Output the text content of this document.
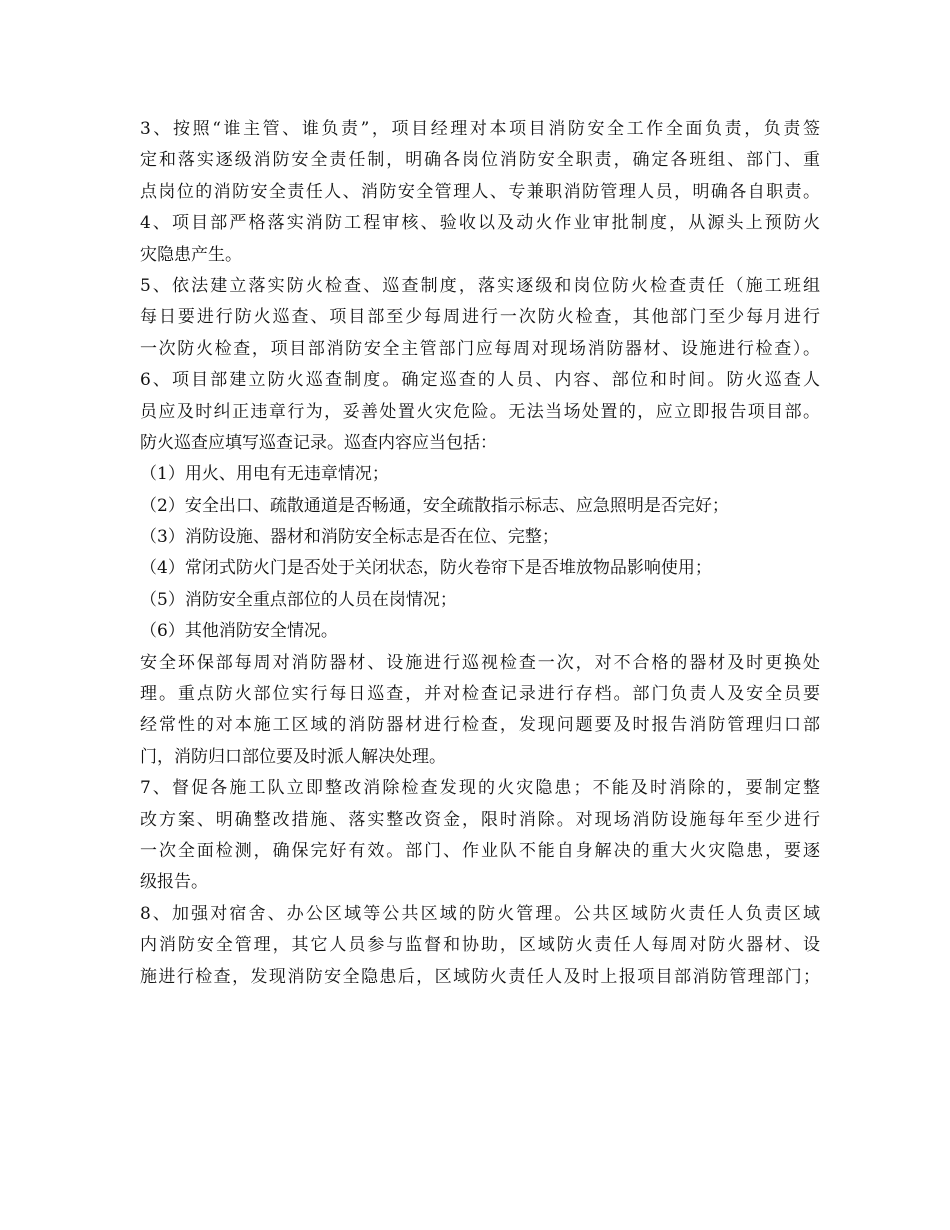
3、按照“谁主管、谁负责”，项目经理对本项目消防安全工作全面负责，负责签
定和落实逐级消防安全责任制，明确各岗位消防安全职责，确定各班组、部门、重
点岗位的消防安全责任人、消防安全管理人、专兼职消防管理人员，明确各自职责。
4、项目部严格落实消防工程审核、验收以及动火作业审批制度，从源头上预防火
灾隐患产生。
5、依法建立落实防火检查、巡查制度，落实逐级和岗位防火检查责任（施工班组
每日要进行防火巡查、项目部至少每周进行一次防火检查，其他部门至少每月进行
一次防火检查，项目部消防安全主管部门应每周对现场消防器材、设施进行检查）。
6、项目部建立防火巡查制度。确定巡查的人员、内容、部位和时间。防火巡查人
员应及时纠正违章行为，妥善处置火灾危险。无法当场处置的，应立即报告项目部。
防火巡查应填写巡查记录。巡查内容应当包括：
（1）用火、用电有无违章情况；
（2）安全出口、疏散通道是否畅通，安全疏散指示标志、应急照明是否完好；
（3）消防设施、器材和消防安全标志是否在位、完整；
（4）常闭式防火门是否处于关闭状态，防火卷帘下是否堆放物品影响使用；
（5）消防安全重点部位的人员在岗情况；
（6）其他消防安全情况。
安全环保部每周对消防器材、设施进行巡视检查一次，对不合格的器材及时更换处
理。重点防火部位实行每日巡查，并对检查记录进行存档。部门负责人及安全员要
经常性的对本施工区域的消防器材进行检查，发现问题要及时报告消防管理归口部
门，消防归口部位要及时派人解决处理。
7、督促各施工队立即整改消除检查发现的火灾隐患；不能及时消除的，要制定整
改方案、明确整改措施、落实整改资金，限时消除。对现场消防设施每年至少进行
一次全面检测，确保完好有效。部门、作业队不能自身解决的重大火灾隐患，要逐
级报告。
8、加强对宿舍、办公区域等公共区域的防火管理。公共区域防火责任人负责区域
内消防安全管理，其它人员参与监督和协助，区域防火责任人每周对防火器材、设
施进行检查，发现消防安全隐患后，区域防火责任人及时上报项目部消防管理部门；
